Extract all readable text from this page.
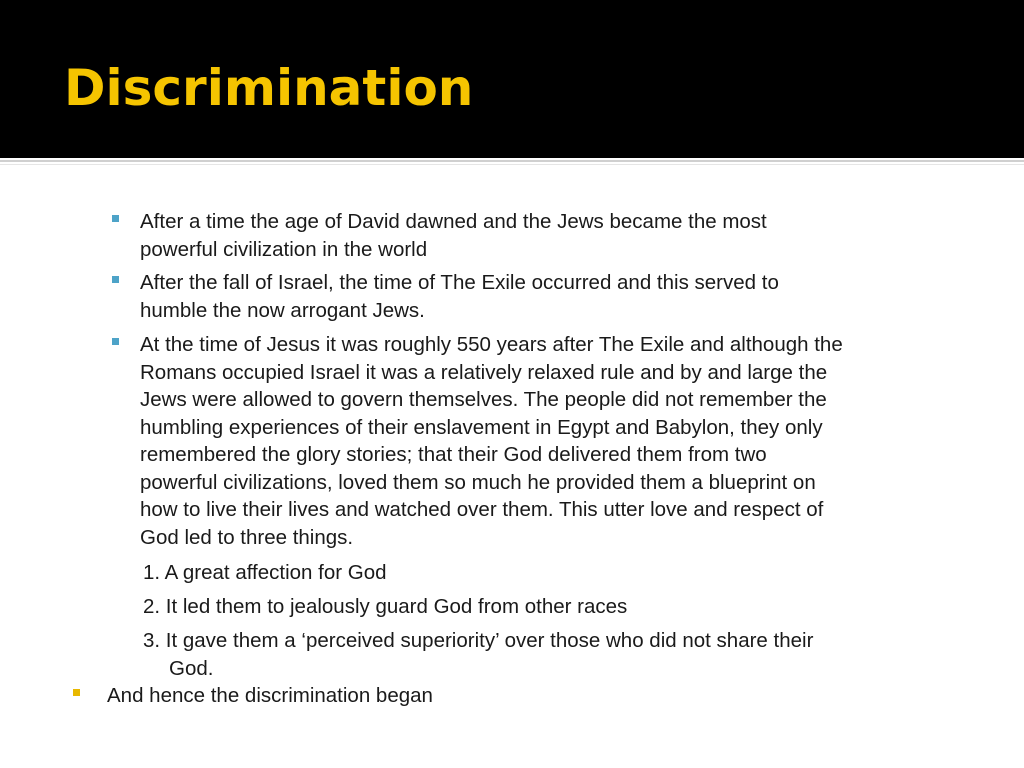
Discrimination
After a time the age of David dawned and the Jews became the most
powerful civilization in the world
After the fall of Israel, the time of The Exile occurred and this served to
humble the now arrogant Jews.
At the time of Jesus it was roughly 550 years after The Exile and although the
Romans occupied Israel it was a relatively relaxed rule and by and large the
Jews were allowed to govern themselves. The people did not remember the
humbling experiences of their enslavement in Egypt and Babylon, they only
remembered the glory stories; that their God delivered them from two
powerful civilizations, loved them so much he provided them a blueprint on
how to live their lives and watched over them. This utter love and respect of
God led to three things.
1. A great affection for God
2. It led them to jealously guard God from other races
3. It gave them a ‘perceived superiority’ over those who did not share their
God.
And hence the discrimination began
